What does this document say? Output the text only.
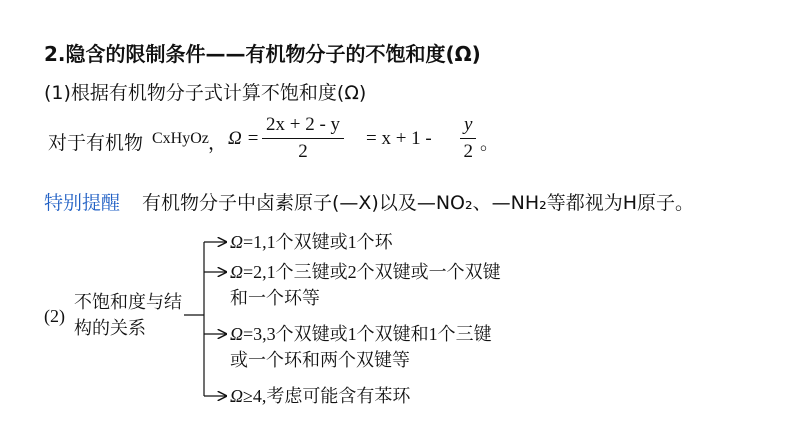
2.隐含的限制条件——有机物分子的不饱和度(Ω)
(1)根据有机物分子式计算不饱和度(Ω)
对于有机物 CxHyOz ， Ω =
2x + 2 - y
2
= x + 1 -
y
2 。
特别提醒 有机物分子中卤素原子(—X)以及—NO₂、—NH₂等都视为H原子。
(2)
不饱和度与结构的关系
Ω=1,1个双键或1个环
Ω=2,1个三键或2个双键或一个双键
和一个环等
Ω=3,3个双键或1个双键和1个三键
或一个环和两个双键等
Ω≥4,考虑可能含有苯环
